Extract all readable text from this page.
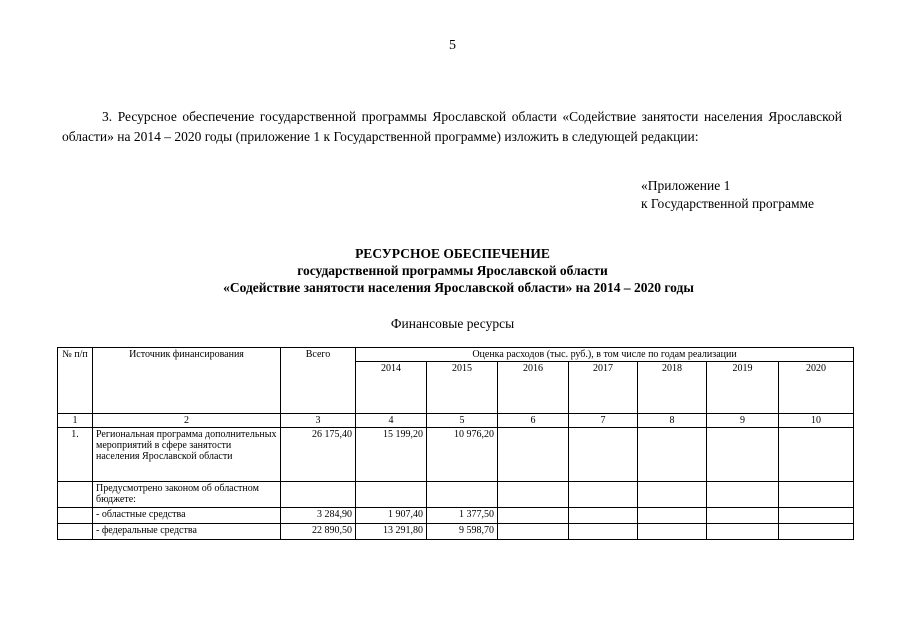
5
3. Ресурсное обеспечение государственной программы Ярославской области «Содействие занятости населения Ярославской области» на 2014 – 2020 годы (приложение 1 к Государственной программе) изложить в следующей редакции:
«Приложение 1
к Государственной программе
РЕСУРСНОЕ ОБЕСПЕЧЕНИЕ
государственной программы Ярославской области
«Содействие занятости населения Ярославской области» на 2014 – 2020 годы
Финансовые ресурсы
№ п/п	Источник финансирования	Всего	Оценка расходов (тыс. руб.), в том числе по годам реализации						
			2014	2015	2016	2017	2018	2019	2020
1	2	3	4	5	6	7	8	9	10
1.	Региональная программа дополнительных мероприятий в сфере занятости населения Ярославской области	26 175,40	15 199,20	10 976,20					
	Предусмотрено законом об областном бюджете:								
	- областные средства	3 284,90	1 907,40	1 377,50					
	- федеральные средства	22 890,50	13 291,80	9 598,70					
